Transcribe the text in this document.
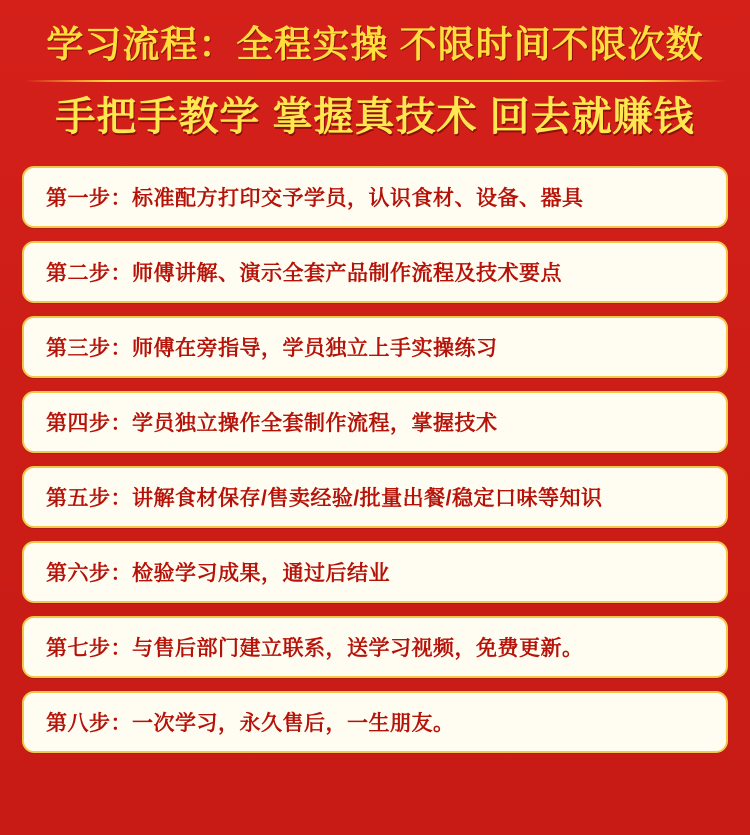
学习流程：全程实操 不限时间不限次数
手把手教学 掌握真技术 回去就赚钱
第一步：标准配方打印交予学员，认识食材、设备、器具
第二步：师傅讲解、演示全套产品制作流程及技术要点
第三步：师傅在旁指导，学员独立上手实操练习
第四步：学员独立操作全套制作流程，掌握技术
第五步：讲解食材保存/售卖经验/批量出餐/稳定口味等知识
第六步：检验学习成果，通过后结业
第七步：与售后部门建立联系，送学习视频，免费更新。
第八步：一次学习，永久售后，一生朋友。
